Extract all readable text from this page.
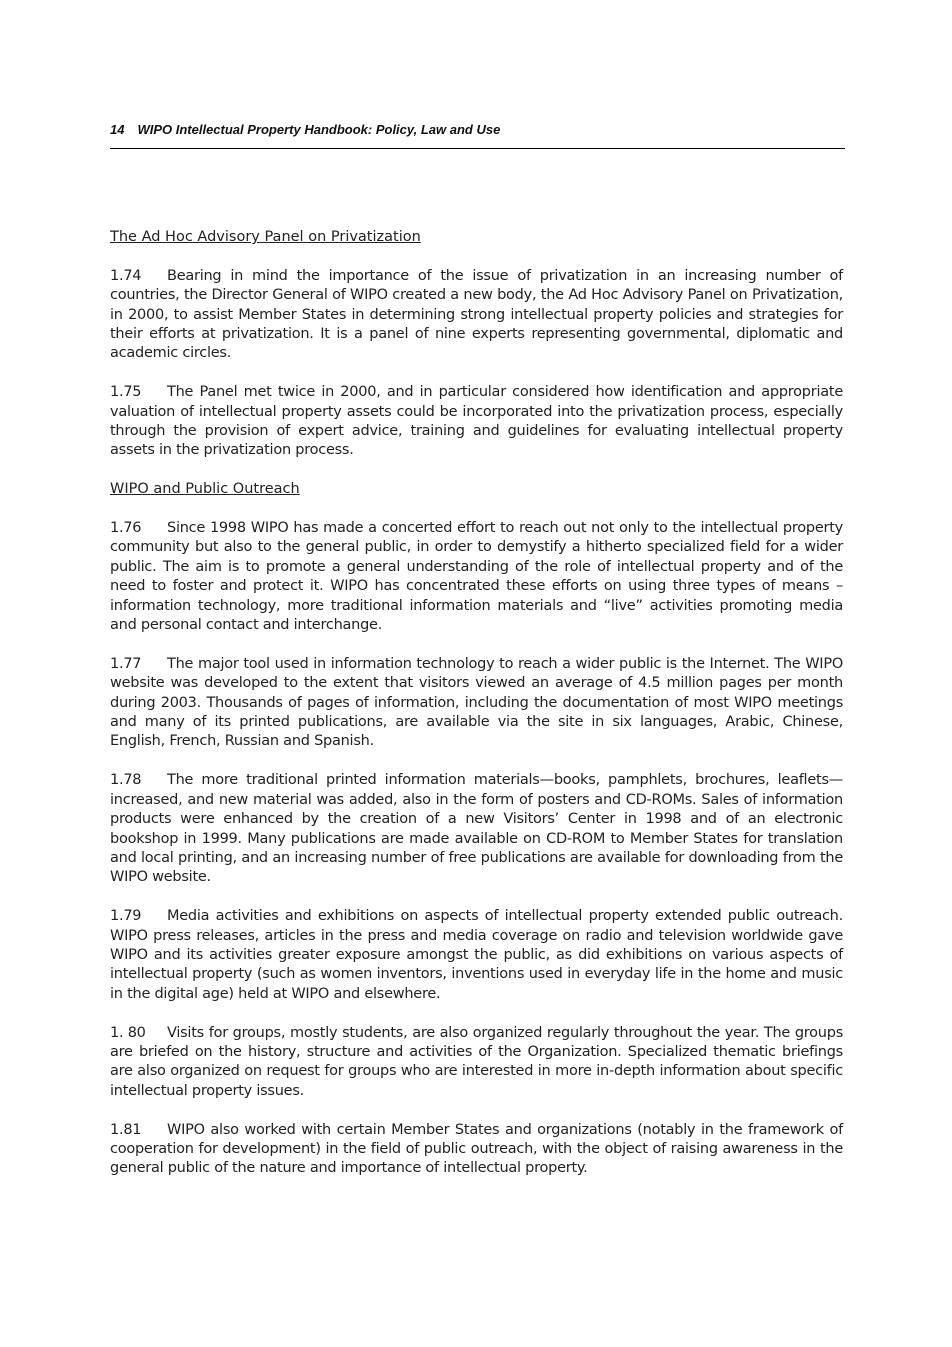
14 WIPO Intellectual Property Handbook: Policy, Law and Use
The Ad Hoc Advisory Panel on Privatization

1.74 Bearing in mind the importance of the issue of privatization in an increasing number of countries, the Director General of WIPO created a new body, the Ad Hoc Advisory Panel on Privatization, in 2000, to assist Member States in determining strong intellectual property policies and strategies for their efforts at privatization. It is a panel of nine experts representing governmental, diplomatic and academic circles.

1.75 The Panel met twice in 2000, and in particular considered how identification and appropriate valuation of intellectual property assets could be incorporated into the privatization process, especially through the provision of expert advice, training and guidelines for evaluating intellectual property assets in the privatization process.

WIPO and Public Outreach

1.76 Since 1998 WIPO has made a concerted effort to reach out not only to the intellectual property community but also to the general public, in order to demystify a hitherto specialized field for a wider public. The aim is to promote a general understanding of the role of intellectual property and of the need to foster and protect it. WIPO has concentrated these efforts on using three types of means – information technology, more traditional information materials and “live” activities promoting media and personal contact and interchange.

1.77 The major tool used in information technology to reach a wider public is the Internet. The WIPO website was developed to the extent that visitors viewed an average of 4.5 million pages per month during 2003. Thousands of pages of information, including the documentation of most WIPO meetings and many of its printed publications, are available via the site in six languages, Arabic, Chinese, English, French, Russian and Spanish.

1.78 The more traditional printed information materials—books, pamphlets, brochures, leaflets—increased, and new material was added, also in the form of posters and CD-ROMs. Sales of information products were enhanced by the creation of a new Visitors’ Center in 1998 and of an electronic bookshop in 1999. Many publications are made available on CD-ROM to Member States for translation and local printing, and an increasing number of free publications are available for downloading from the WIPO website.

1.79 Media activities and exhibitions on aspects of intellectual property extended public outreach. WIPO press releases, articles in the press and media coverage on radio and television worldwide gave WIPO and its activities greater exposure amongst the public, as did exhibitions on various aspects of intellectual property (such as women inventors, inventions used in everyday life in the home and music in the digital age) held at WIPO and elsewhere.

1. 80 Visits for groups, mostly students, are also organized regularly throughout the year. The groups are briefed on the history, structure and activities of the Organization. Specialized thematic briefings are also organized on request for groups who are interested in more in-depth information about specific intellectual property issues.

1.81 WIPO also worked with certain Member States and organizations (notably in the framework of cooperation for development) in the field of public outreach, with the object of raising awareness in the general public of the nature and importance of intellectual property.
